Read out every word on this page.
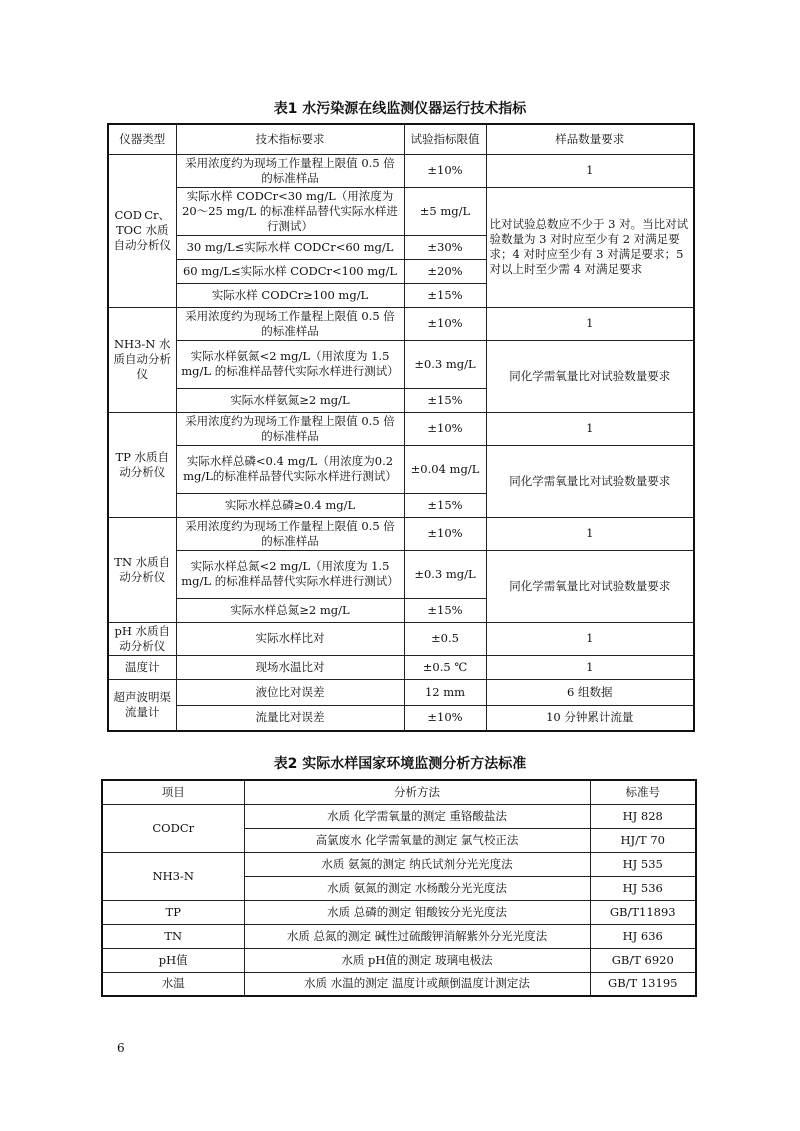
表1 水污染源在线监测仪器运行技术指标
仪器类型	技术指标要求	试验指标限值	样品数量要求
COD Cr、TOC 水质自动分析仪	采用浓度约为现场工作量程上限值 0.5 倍的标准样品	±10%	1
	实际水样 CODCr<30 mg/L（用浓度为 20～25 mg/L 的标准样品替代实际水样进行测试）	±5 mg/L	比对试验总数应不少于 3 对。当比对试验数量为 3 对时应至少有 2 对满足要求；4 对时应至少有 3 对满足要求；5 对以上时至少需 4 对满足要求
	30 mg/L≤实际水样 CODCr<60 mg/L	±30%	
	60 mg/L≤实际水样 CODCr<100 mg/L	±20%	
	实际水样 CODCr≥100 mg/L	±15%	
NH3-N 水质自动分析仪	采用浓度约为现场工作量程上限值 0.5 倍的标准样品	±10%	1
	实际水样氨氮<2 mg/L（用浓度为 1.5 mg/L 的标准样品替代实际水样进行测试）	±0.3 mg/L	同化学需氧量比对试验数量要求
	实际水样氨氮≥2 mg/L	±15%	
TP 水质自动分析仪	采用浓度约为现场工作量程上限值 0.5 倍的标准样品	±10%	1
	实际水样总磷<0.4 mg/L（用浓度为0.2 mg/L的标准样品替代实际水样进行测试）	±0.04 mg/L	同化学需氧量比对试验数量要求
	实际水样总磷≥0.4 mg/L	±15%	
TN 水质自动分析仪	采用浓度约为现场工作量程上限值 0.5 倍的标准样品	±10%	1
	实际水样总氮<2 mg/L（用浓度为 1.5 mg/L 的标准样品替代实际水样进行测试）	±0.3 mg/L	同化学需氧量比对试验数量要求
	实际水样总氮≥2 mg/L	±15%	
pH 水质自动分析仪	实际水样比对	±0.5	1
温度计	现场水温比对	±0.5 ℃	1
超声波明渠流量计	液位比对误差	12 mm	6 组数据
	流量比对误差	±10%	10 分钟累计流量
表2 实际水样国家环境监测分析方法标准
项目	分析方法	标准号
CODCr	水质 化学需氧量的测定 重铬酸盐法	HJ 828
	高氯废水 化学需氧量的测定 氯气校正法	HJ/T 70
NH3-N	水质 氨氮的测定 纳氏试剂分光光度法	HJ 535
	水质 氨氮的测定 水杨酸分光光度法	HJ 536
TP	水质 总磷的测定 钼酸铵分光光度法	GB/T11893
TN	水质 总氮的测定 碱性过硫酸钾消解紫外分光光度法	HJ 636
pH值	水质 pH值的测定 玻璃电极法	GB/T 6920
水温	水质 水温的测定 温度计或颠倒温度计测定法	GB/T 13195
6
